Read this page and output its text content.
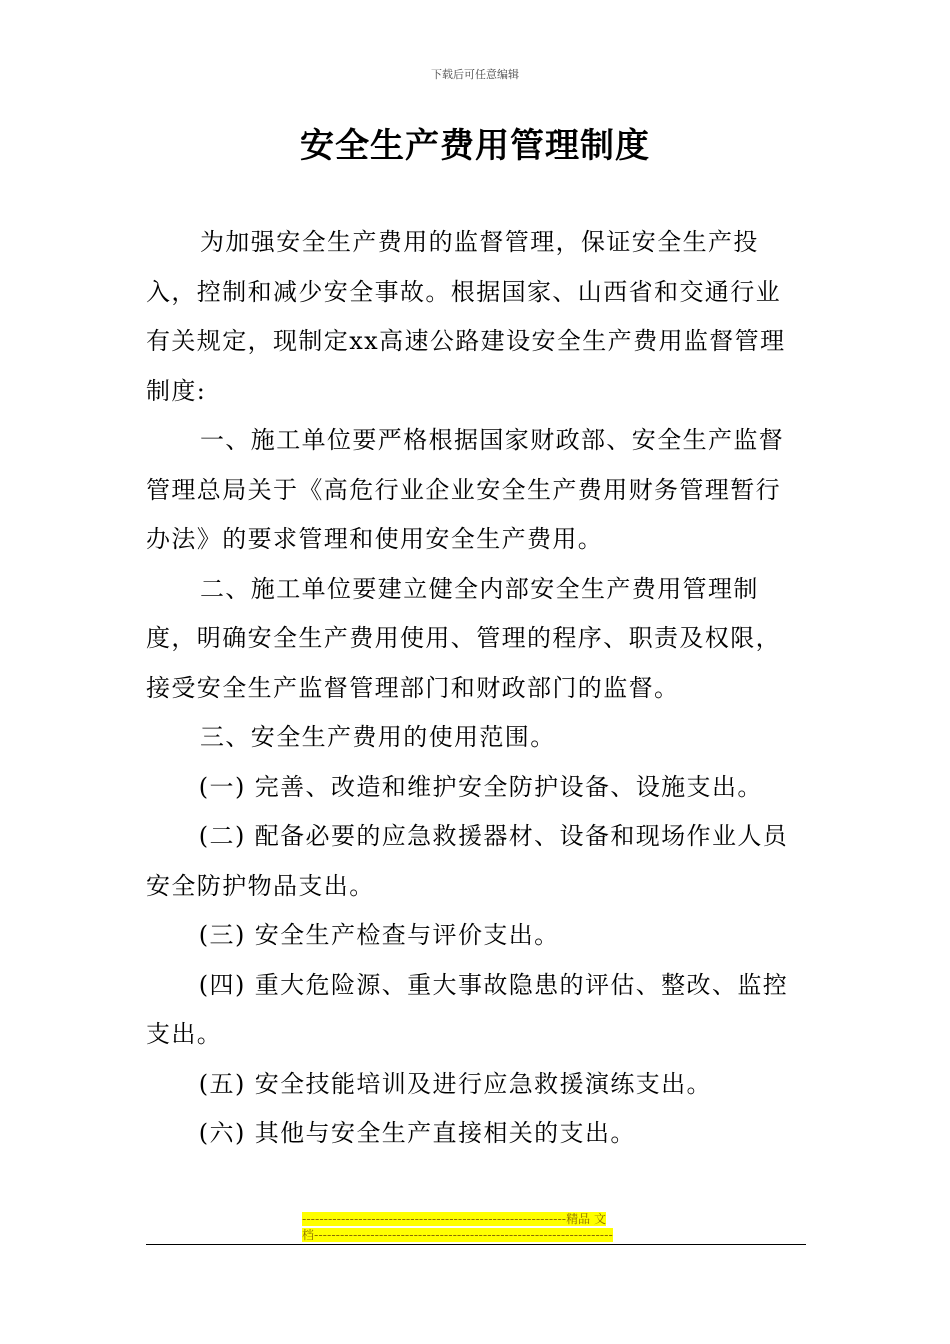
下载后可任意编辑
安全生产费用管理制度

为加强安全生产费用的监督管理，保证安全生产投入，控制和减少安全事故。根据国家、山西省和交通行业有关规定，现制定xx高速公路建设安全生产费用监督管理制度:

一、施工单位要严格根据国家财政部、安全生产监督管理总局关于《高危行业企业安全生产费用财务管理暂行办法》的要求管理和使用安全生产费用。

二、施工单位要建立健全内部安全生产费用管理制度，明确安全生产费用使用、管理的程序、职责及权限，接受安全生产监督管理部门和财政部门的监督。

三、安全生产费用的使用范围。

(一) 完善、改造和维护安全防护设备、设施支出。

(二) 配备必要的应急救援器材、设备和现场作业人员安全防护物品支出。

(三) 安全生产检查与评价支出。

(四) 重大危险源、重大事故隐患的评估、整改、监控支出。

(五) 安全技能培训及进行应急救援演练支出。

(六) 其他与安全生产直接相关的支出。

-------------------------------------------------------------精品 文
档---------------------------------------------------------------------
